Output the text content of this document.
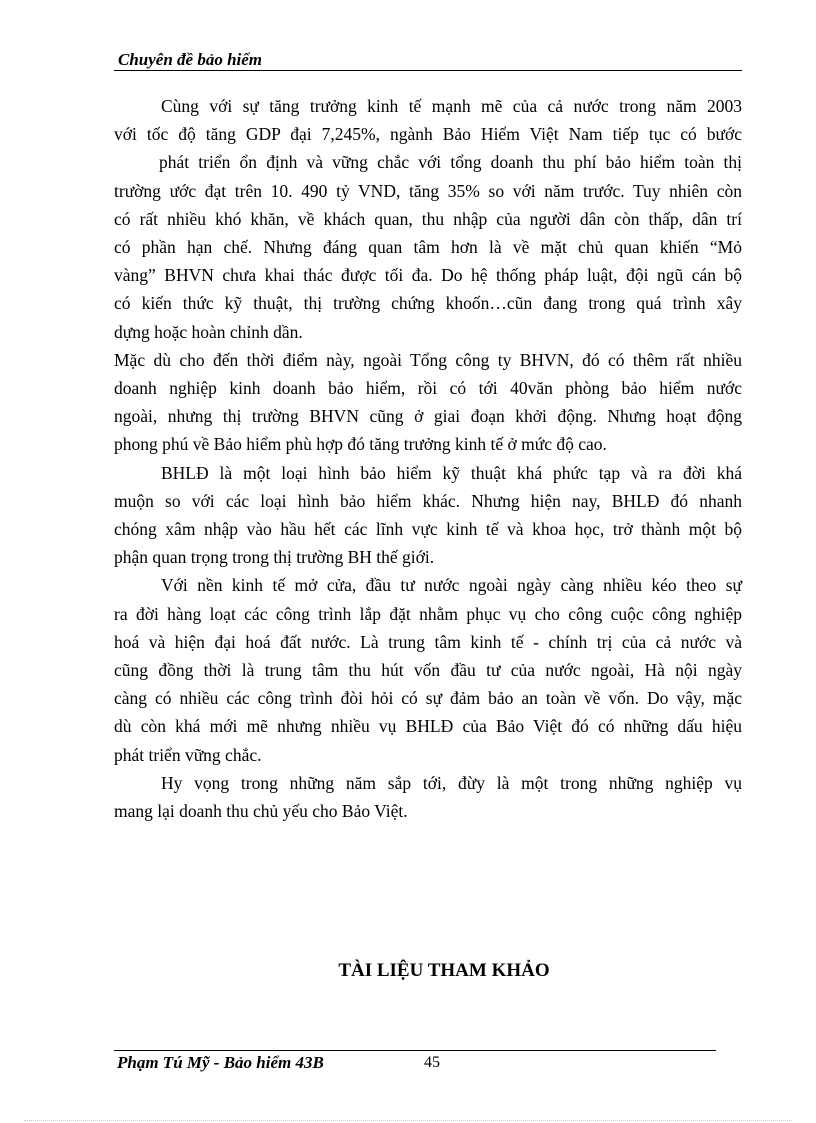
Chuyên đề bảo hiểm

Cùng với sự tăng trưởng kinh tế mạnh mẽ của cả nước trong năm 2003
với tốc độ tăng GDP đại 7,245%, ngành Bảo Hiểm Việt Nam tiếp tục có bước
phát triển ổn định và vững chắc với tổng doanh thu phí bảo hiểm toàn thị
trường ước đạt trên 10. 490 tỷ VND, tăng 35% so với năm trước. Tuy nhiên còn
có rất nhiều khó khăn, về khách quan, thu nhập của người dân còn thấp, dân trí
có phần hạn chế. Nhưng đáng quan tâm hơn là về mặt chủ quan khiến “Mỏ
vàng” BHVN chưa khai thác được tối đa. Do hệ thống pháp luật, đội ngũ cán bộ
có kiến thức kỹ thuật, thị trường chứng khoốn…cũn đang trong quá trình xây
dựng hoặc hoàn chỉnh dần.

Mặc dù cho đến thời điểm này, ngoài Tổng công ty BHVN, đó có thêm rất nhiều
doanh nghiệp kinh doanh bảo hiểm, rồi có tới 40văn phòng bảo hiểm nước
ngoài, nhưng thị trường BHVN cũng ở giai đoạn khởi động. Nhưng hoạt động
phong phú về Bảo hiểm phù hợp đó tăng trưởng kinh tế ở mức độ cao.

BHLĐ là một loại hình bảo hiểm kỹ thuật khá phức tạp và ra đời khá
muộn so với các loại hình bảo hiểm khác. Nhưng hiện nay, BHLĐ đó nhanh
chóng xâm nhập vào hầu hết các lĩnh vực kinh tế và khoa học, trở thành một bộ
phận quan trọng trong thị trường BH thế giới.

Với nền kinh tế mở cửa, đầu tư nước ngoài ngày càng nhiều kéo theo sự
ra đời hàng loạt các công trình lắp đặt nhằm phục vụ cho công cuộc công nghiệp
hoá và hiện đại hoá đất nước. Là trung tâm kinh tế - chính trị của cả nước và
cũng đồng thời là trung tâm thu hút vốn đầu tư của nước ngoài, Hà nội ngày
càng có nhiều các công trình đòi hỏi có sự đảm bảo an toàn về vốn. Do vậy, mặc
dù còn khá mới mẽ nhưng nhiều vụ BHLĐ của Bảo Việt đó có những dấu hiệu
phát triển vững chắc.

Hy vọng trong những năm sắp tới, đừy là một trong những nghiệp vụ
mang lại doanh thu chủ yếu cho Bảo Việt.

TÀI LIỆU THAM KHẢO
Phạm Tú Mỹ - Bảo hiểm 43B	45
